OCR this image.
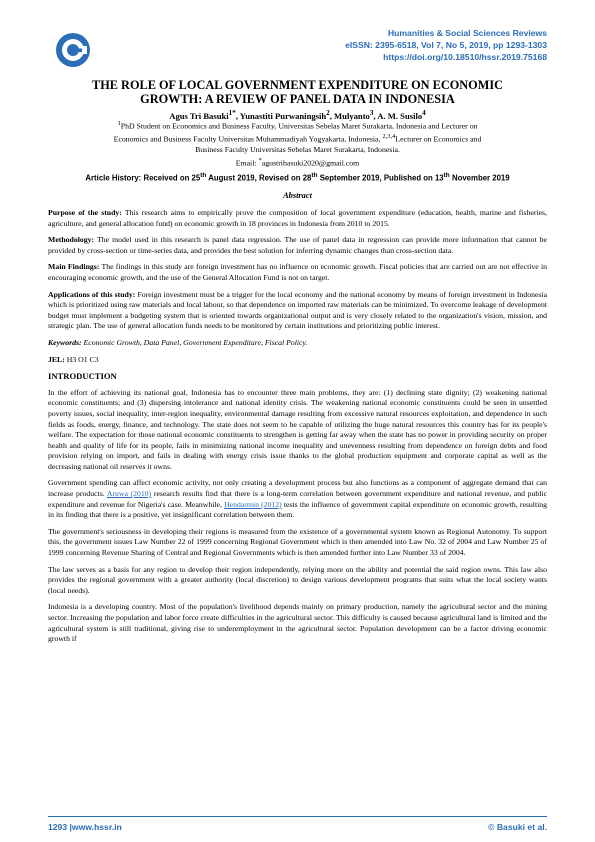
Humanities & Social Sciences Reviews
eISSN: 2395-6518, Vol 7, No 5, 2019, pp 1293-1303
https://doi.org/10.18510/hssr.2019.75168
THE ROLE OF LOCAL GOVERNMENT EXPENDITURE ON ECONOMIC
GROWTH: A REVIEW OF PANEL DATA IN INDONESIA
Agus Tri Basuki$^{1*}$, Yunastiti Purwaningsih$^2$, Mulyanto$^3$, A. M. Susilo$^4$
$^1$PhD Student on Economics and Business Faculty, Universitas Sebelas Maret Surakarta, Indonesia and Lecturer on
Economics and Business Faculty Universitas Muhammadiyah Yogyakarta, Indonesia, $^{2,3,4}$Lecturer on Economics and
Business Faculty Universitas Sebelas Maret Surakarta, Indonesia.
Email: *agustribasuki2020@gmail.com
Article History: Received on 25th August 2019, Revised on 28th September 2019, Published on 13th November 2019
Abstract

Purpose of the study: This research aims to empirically prove the composition of local government expenditure (education, health, marine and fisheries, agriculture, and general allocation fund) on economic growth in 18 provinces in Indonesia from 2010 to 2015.

Methodology: The model used in this research is panel data regression. The use of panel data in regression can provide more information that cannot be provided by cross-section or time-series data, and provides the best solution for inferring dynamic changes than cross-section data.

Main Findings: The findings in this study are foreign investment has no influence on economic growth. Fiscal policies that are carried out are not effective in encouraging economic growth, and the use of the General Allocation Fund is not on target.

Applications of this study: Foreign investment must be a trigger for the local economy and the national economy by means of foreign investment in Indonesia which is prioritized using raw materials and local labour, so that dependence on imported raw materials can be minimized. To overcome leakage of development budget must implement a budgeting system that is oriented towards organizational output and is very closely related to the organization's vision, mission, and strategic plan. The use of general allocation funds needs to be monitored by certain institutions and prioritizing public interest.

Keywords: Economic Growth, Data Panel, Government Expenditure, Fiscal Policy.

JEL: H3 O1 C3

INTRODUCTION

In the effort of achieving its national goal, Indonesia has to encounter three main problems, they are: (1) declining state dignity; (2) weakening national economic constituents; and (3) dispersing intolerance and national identity crisis. The weakening national economic constituents could be seen in unsettled poverty issues, social inequality, inter-region inequality, environmental damage resulting from excessive natural resources exploitation, and dependence in such fields as foods, energy, finance, and technology. The state does not seem to be capable of utilizing the huge natural resources this country has for its people's welfare. The expectation for those national economic constituents to strengthen is getting far away when the state has no power in providing security on proper health and quality of life for its people, fails in minimizing national income inequality and unevenness resulting from dependence on foreign debts and food provision relying on import, and fails in dealing with energy crisis issue thanks to the global production equipment and corporate capital as well as the decreasing national oil reserves it owns.

Government spending can affect economic activity, not only creating a development process but also functions as a component of aggregate demand that can increase products. Aruwa (2010) research results find that there is a long-term correlation between government expenditure and national revenue, and public expenditure and revenue for Nigeria's case. Meanwhile, Hendarmin (2012) tests the influence of government capital expenditure on economic growth, resulting in its finding that there is a positive, yet insignificant correlation between them.

The government's seriousness in developing their regions is measured from the existence of a governmental system known as Regional Autonomy. To support this, the government issues Law Number 22 of 1999 concerning Regional Government which is then amended into Law No. 32 of 2004 and Law Number 25 of 1999 concerning Revenue Sharing of Central and Regional Governments which is then amended further into Law Number 33 of 2004.

The law serves as a basis for any region to develop their region independently, relying more on the ability and potential the said region owns. This law also provides the regional government with a greater authority (local discretion) to design various development programs that suits what the local society wants (local needs).

Indonesia is a developing country. Most of the population's livelihood depends mainly on primary production, namely the agricultural sector and the mining sector. Increasing the population and labor force create difficulties in the agricultural sector. This difficulty is caused because agricultural land is limited and the agricultural system is still traditional, giving rise to underemployment in the agricultural sector. Population development can be a factor driving economic growth if

1293 |www.hssr.in	© Basuki et al.
